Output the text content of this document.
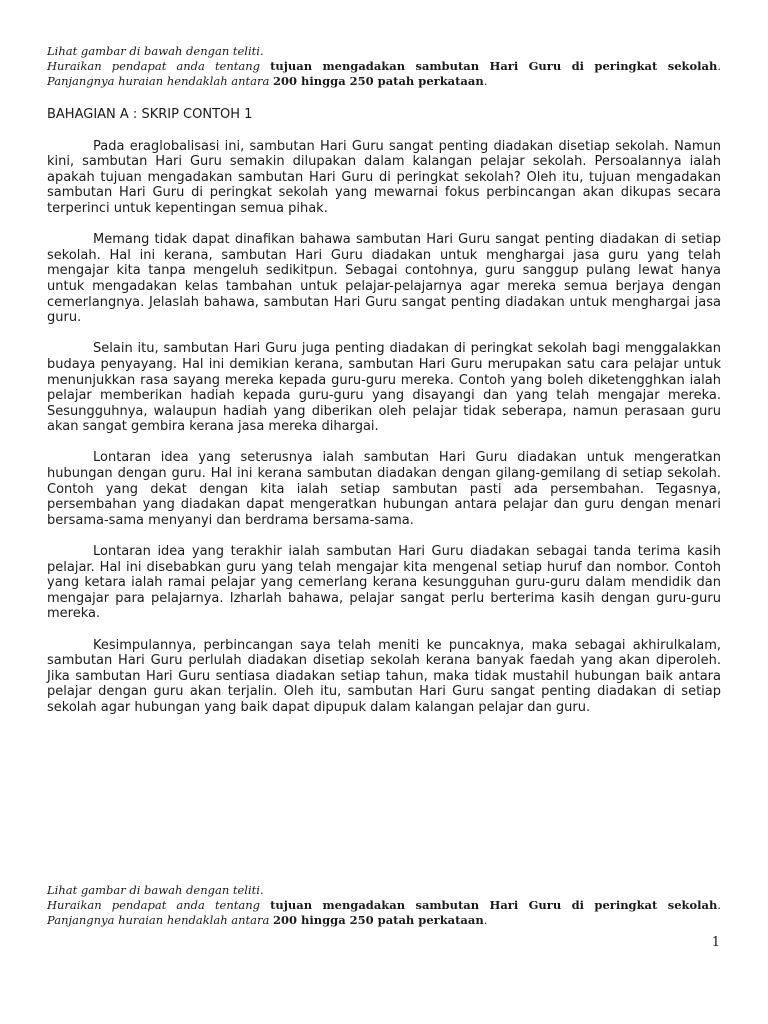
Lihat gambar di bawah dengan teliti.

Huraikan pendapat anda tentang tujuan mengadakan sambutan Hari Guru di peringkat sekolah. Panjangnya huraian hendaklah antara 200 hingga 250 patah perkataan.

BAHAGIAN A : SKRIP CONTOH 1

Pada eraglobalisasi ini, sambutan Hari Guru sangat penting diadakan disetiap sekolah. Namun kini, sambutan Hari Guru semakin dilupakan dalam kalangan pelajar sekolah. Persoalannya ialah apakah tujuan mengadakan sambutan Hari Guru di peringkat sekolah? Oleh itu, tujuan mengadakan sambutan Hari Guru di peringkat sekolah yang mewarnai fokus perbincangan akan dikupas secara terperinci untuk kepentingan semua pihak.

Memang tidak dapat dinafikan bahawa sambutan Hari Guru sangat penting diadakan di setiap sekolah. Hal ini kerana, sambutan Hari Guru diadakan untuk menghargai jasa guru yang telah mengajar kita tanpa mengeluh sedikitpun. Sebagai contohnya, guru sanggup pulang lewat hanya untuk mengadakan kelas tambahan untuk pelajar-pelajarnya agar mereka semua berjaya dengan cemerlangnya. Jelaslah bahawa, sambutan Hari Guru sangat penting diadakan untuk menghargai jasa guru.

Selain itu, sambutan Hari Guru juga penting diadakan di peringkat sekolah bagi menggalakkan budaya penyayang. Hal ini demikian kerana, sambutan Hari Guru merupakan satu cara pelajar untuk menunjukkan rasa sayang mereka kepada guru-guru mereka. Contoh yang boleh diketengghkan ialah pelajar memberikan hadiah kepada guru-guru yang disayangi dan yang telah mengajar mereka. Sesungguhnya, walaupun hadiah yang diberikan oleh pelajar tidak seberapa, namun perasaan guru akan sangat gembira kerana jasa mereka dihargai.

Lontaran idea yang seterusnya ialah sambutan Hari Guru diadakan untuk mengeratkan hubungan dengan guru. Hal ini kerana sambutan diadakan dengan gilang-gemilang di setiap sekolah. Contoh yang dekat dengan kita ialah setiap sambutan pasti ada persembahan. Tegasnya, persembahan yang diadakan dapat mengeratkan hubungan antara pelajar dan guru dengan menari bersama-sama menyanyi dan berdrama bersama-sama.

Lontaran idea yang terakhir ialah sambutan Hari Guru diadakan sebagai tanda terima kasih pelajar. Hal ini disebabkan guru yang telah mengajar kita mengenal setiap huruf dan nombor. Contoh yang ketara ialah ramai pelajar yang cemerlang kerana kesungguhan guru-guru dalam mendidik dan mengajar para pelajarnya. Izharlah bahawa, pelajar sangat perlu berterima kasih dengan guru-guru mereka.

Kesimpulannya, perbincangan saya telah meniti ke puncaknya, maka sebagai akhirulkalam, sambutan Hari Guru perlulah diadakan disetiap sekolah kerana banyak faedah yang akan diperoleh. Jika sambutan Hari Guru sentiasa diadakan setiap tahun, maka tidak mustahil hubungan baik antara pelajar dengan guru akan terjalin. Oleh itu, sambutan Hari Guru sangat penting diadakan di setiap sekolah agar hubungan yang baik dapat dipupuk dalam kalangan pelajar dan guru.

Lihat gambar di bawah dengan teliti.

Huraikan pendapat anda tentang tujuan mengadakan sambutan Hari Guru di peringkat sekolah. Panjangnya huraian hendaklah antara 200 hingga 250 patah perkataan.

1
